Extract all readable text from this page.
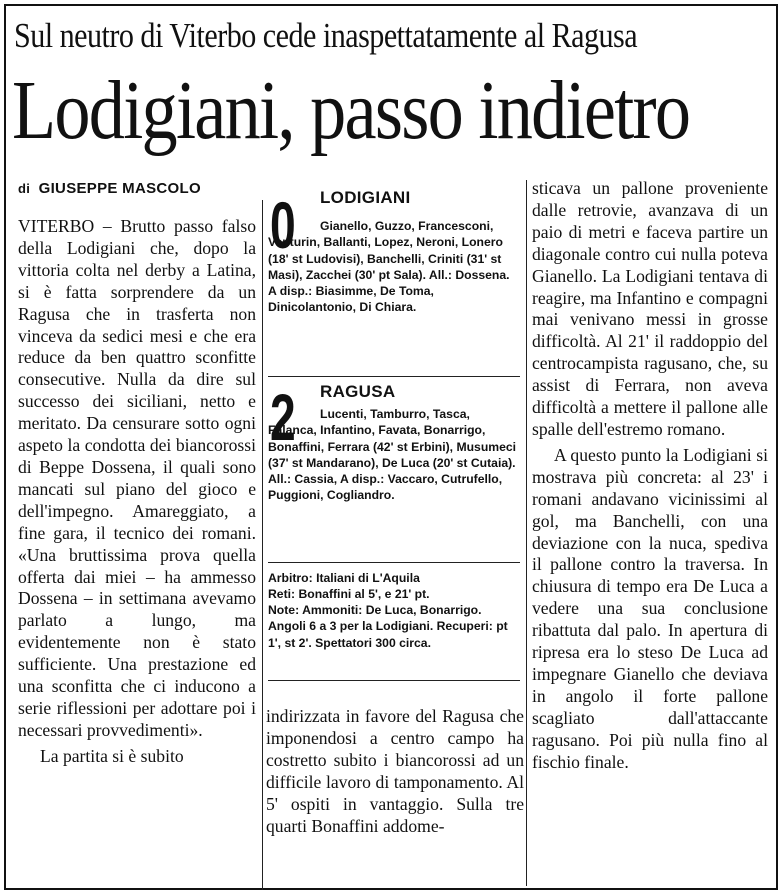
Sul neutro di Viterbo cede inaspettatamente al Ragusa
Lodigiani, passo indietro
di GIUSEPPE MASCOLO

VITERBO – Brutto passo falso della Lodigiani che, dopo la vittoria colta nel derby a Latina, si è fatta sorprendere da un Ragusa che in trasferta non vinceva da sedici mesi e che era reduce da ben quattro sconfitte consecutive. Nulla da dire sul successo dei siciliani, netto e meritato. Da censurare sotto ogni aspeto la condotta dei biancorossi di Beppe Dossena, il quali sono mancati sul piano del gioco e dell'impegno. Amareggiato, a fine gara, il tecnico dei romani. «Una bruttissima prova quella offerta dai miei – ha ammesso Dossena – in settimana avevamo parlato a lungo, ma evidentemente non è stato sufficiente. Una prestazione ed una sconfitta che ci inducono a serie riflessioni per adottare poi i necessari provvedimenti».

La partita si è subito

0 LODIGIANI
Gianello, Guzzo, Francesconi, Venturin, Ballanti, Lopez, Neroni, Lonero (18' st Ludovisi), Banchelli, Criniti (31' st Masi), Zacchei (30' pt Sala). All.: Dossena. A disp.: Biasimme, De Toma, Dinicolantonio, Di Chiara.
2 RAGUSA
Lucenti, Tamburro, Tasca, Falanca, Infantino, Favata, Bonarrigo, Bonaffini, Ferrara (42' st Erbini), Musumeci (37' st Mandarano), De Luca (20' st Cutaia). All.: Cassia, A disp.: Vaccaro, Cutrufello, Puggioni, Cogliandro.
Arbitro: Italiani di L'Aquila
Reti: Bonaffini al 5', e 21' pt.
Note: Ammoniti: De Luca, Bonarrigo. Angoli 6 a 3 per la Lodigiani. Recuperi: pt 1', st 2'. Spettatori 300 circa.
indirizzata in favore del Ragusa che imponendosi a centro campo ha costretto subito i biancorossi ad un difficile lavoro di tamponamento. Al 5' ospiti in vantaggio. Sulla tre quarti Bonaffini addome-

sticava un pallone proveniente dalle retrovie, avanzava di un paio di metri e faceva partire un diagonale contro cui nulla poteva Gianello. La Lodigiani tentava di reagire, ma Infantino e compagni mai venivano messi in grosse difficoltà. Al 21' il raddoppio del centrocampista ragusano, che, su assist di Ferrara, non aveva difficoltà a mettere il pallone alle spalle dell'estremo romano.

A questo punto la Lodigiani si mostrava più concreta: al 23' i romani andavano vicinissimi al gol, ma Banchelli, con una deviazione con la nuca, spediva il pallone contro la traversa. In chiusura di tempo era De Luca a vedere una sua conclusione ribattuta dal palo. In apertura di ripresa era lo steso De Luca ad impegnare Gianello che deviava in angolo il forte pallone scagliato dall'attaccante ragusano. Poi più nulla fino al fischio finale.
